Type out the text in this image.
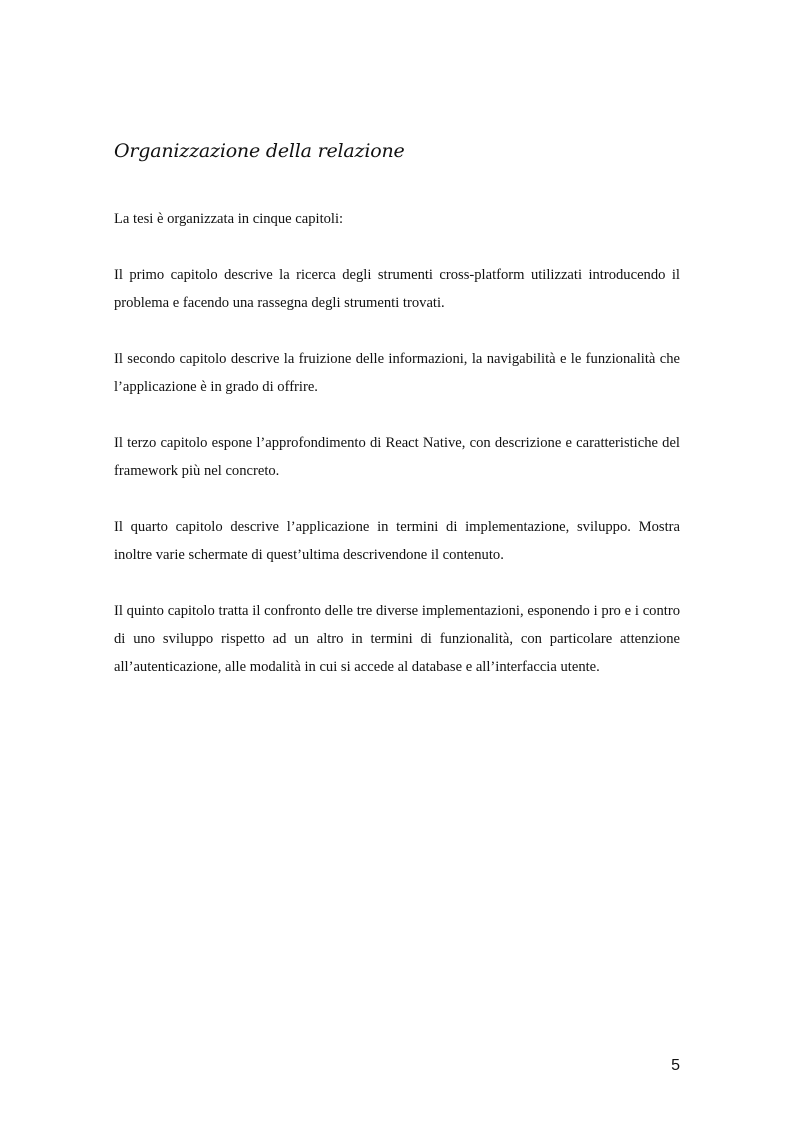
Organizzazione della relazione

La tesi è organizzata in cinque capitoli:

Il primo capitolo descrive la ricerca degli strumenti cross-platform utilizzati introducendo il problema e facendo una rassegna degli strumenti trovati.

Il secondo capitolo descrive la fruizione delle informazioni, la navigabilità e le funzionalità che l’applicazione è in grado di offrire.

Il terzo capitolo espone l’approfondimento di React Native, con descrizione e caratteristiche del framework più nel concreto.

Il quarto capitolo descrive l’applicazione in termini di implementazione, sviluppo. Mostra inoltre varie schermate di quest’ultima descrivendone il contenuto.

Il quinto capitolo tratta il confronto delle tre diverse implementazioni, esponendo i pro e i contro di uno sviluppo rispetto ad un altro in termini di funzionalità, con particolare attenzione all’autenticazione, alle modalità in cui si accede al database e all’interfaccia utente.

5
